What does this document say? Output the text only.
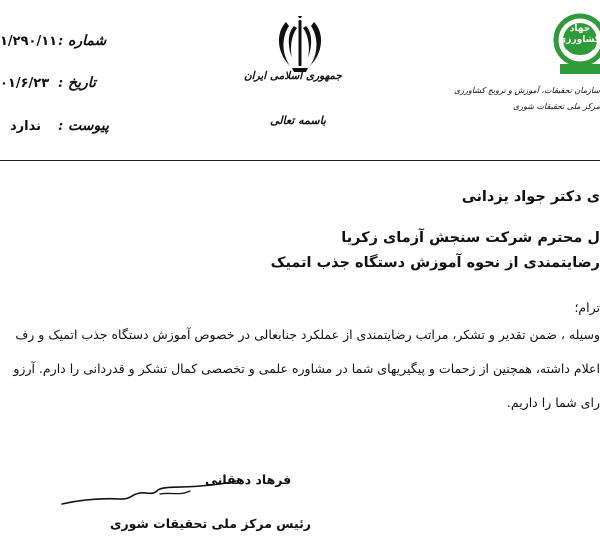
۱/۲۹۰/۱۱ شماره :
۰۱/۶/۲۳ تاریخ :
ندارد پیوست :
جمهوری اسلامی ایران
باسمه تعالی
جهاد کشاورزی
سازمان تحقیقات، آموزش و ترویج کشاورزی
مرکز ملی تحقیقات شوری
ی دکتر جواد یزدانی
ل محترم شرکت سنجش آزمای زکریا
رضایتمندی از نحوه آموزش دستگاه جذب اتمیک
ترام؛
وسیله ، ضمن تقدیر و تشکر، مراتب رضایتمندی از عملکرد جنابعالی در خصوص آموزش دستگاه جذب اتمیک و رف
اعلام داشته، همچنین از زحمات و پیگیریهای شما در مشاوره علمی و تخصصی کمال تشکر و قدردانی را دارم. آرزو
رای شما را داریم.
فرهاد دهقانی
رئیس مرکز ملی تحقیقات شوری
